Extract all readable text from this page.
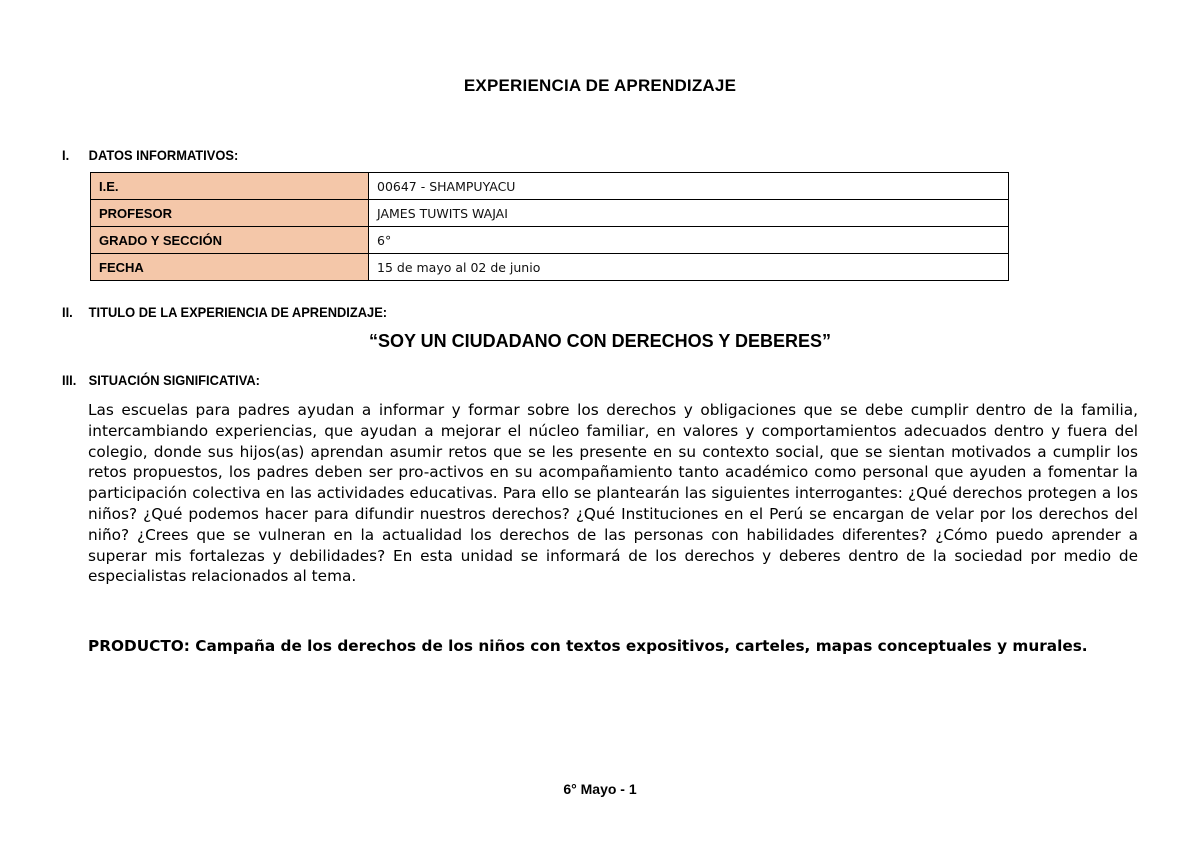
EXPERIENCIA DE APRENDIZAJE
I. DATOS INFORMATIVOS:
I.E.	00647 - SHAMPUYACU
PROFESOR	JAMES TUWITS WAJAI
GRADO Y SECCIÓN	6°
FECHA	15 de mayo al 02 de junio
II. TITULO DE LA EXPERIENCIA DE APRENDIZAJE:
“SOY UN CIUDADANO CON DERECHOS Y DEBERES”
III. SITUACIÓN SIGNIFICATIVA:
Las escuelas para padres ayudan a informar y formar sobre los derechos y obligaciones que se debe cumplir dentro de la familia, intercambiando experiencias, que ayudan a mejorar el núcleo familiar, en valores y comportamientos adecuados dentro y fuera del colegio, donde sus hijos(as) aprendan asumir retos que se les presente en su contexto social, que se sientan motivados a cumplir los retos propuestos, los padres deben ser pro-activos en su acompañamiento tanto académico como personal que ayuden a fomentar la participación colectiva en las actividades educativas. Para ello se plantearán las siguientes interrogantes: ¿Qué derechos protegen a los niños? ¿Qué podemos hacer para difundir nuestros derechos? ¿Qué Instituciones en el Perú se encargan de velar por los derechos del niño? ¿Crees que se vulneran en la actualidad los derechos de las personas con habilidades diferentes? ¿Cómo puedo aprender a superar mis fortalezas y debilidades? En esta unidad se informará de los derechos y deberes dentro de la sociedad por medio de especialistas relacionados al tema.
PRODUCTO: Campaña de los derechos de los niños con textos expositivos, carteles, mapas conceptuales y murales.
6° Mayo - 1
